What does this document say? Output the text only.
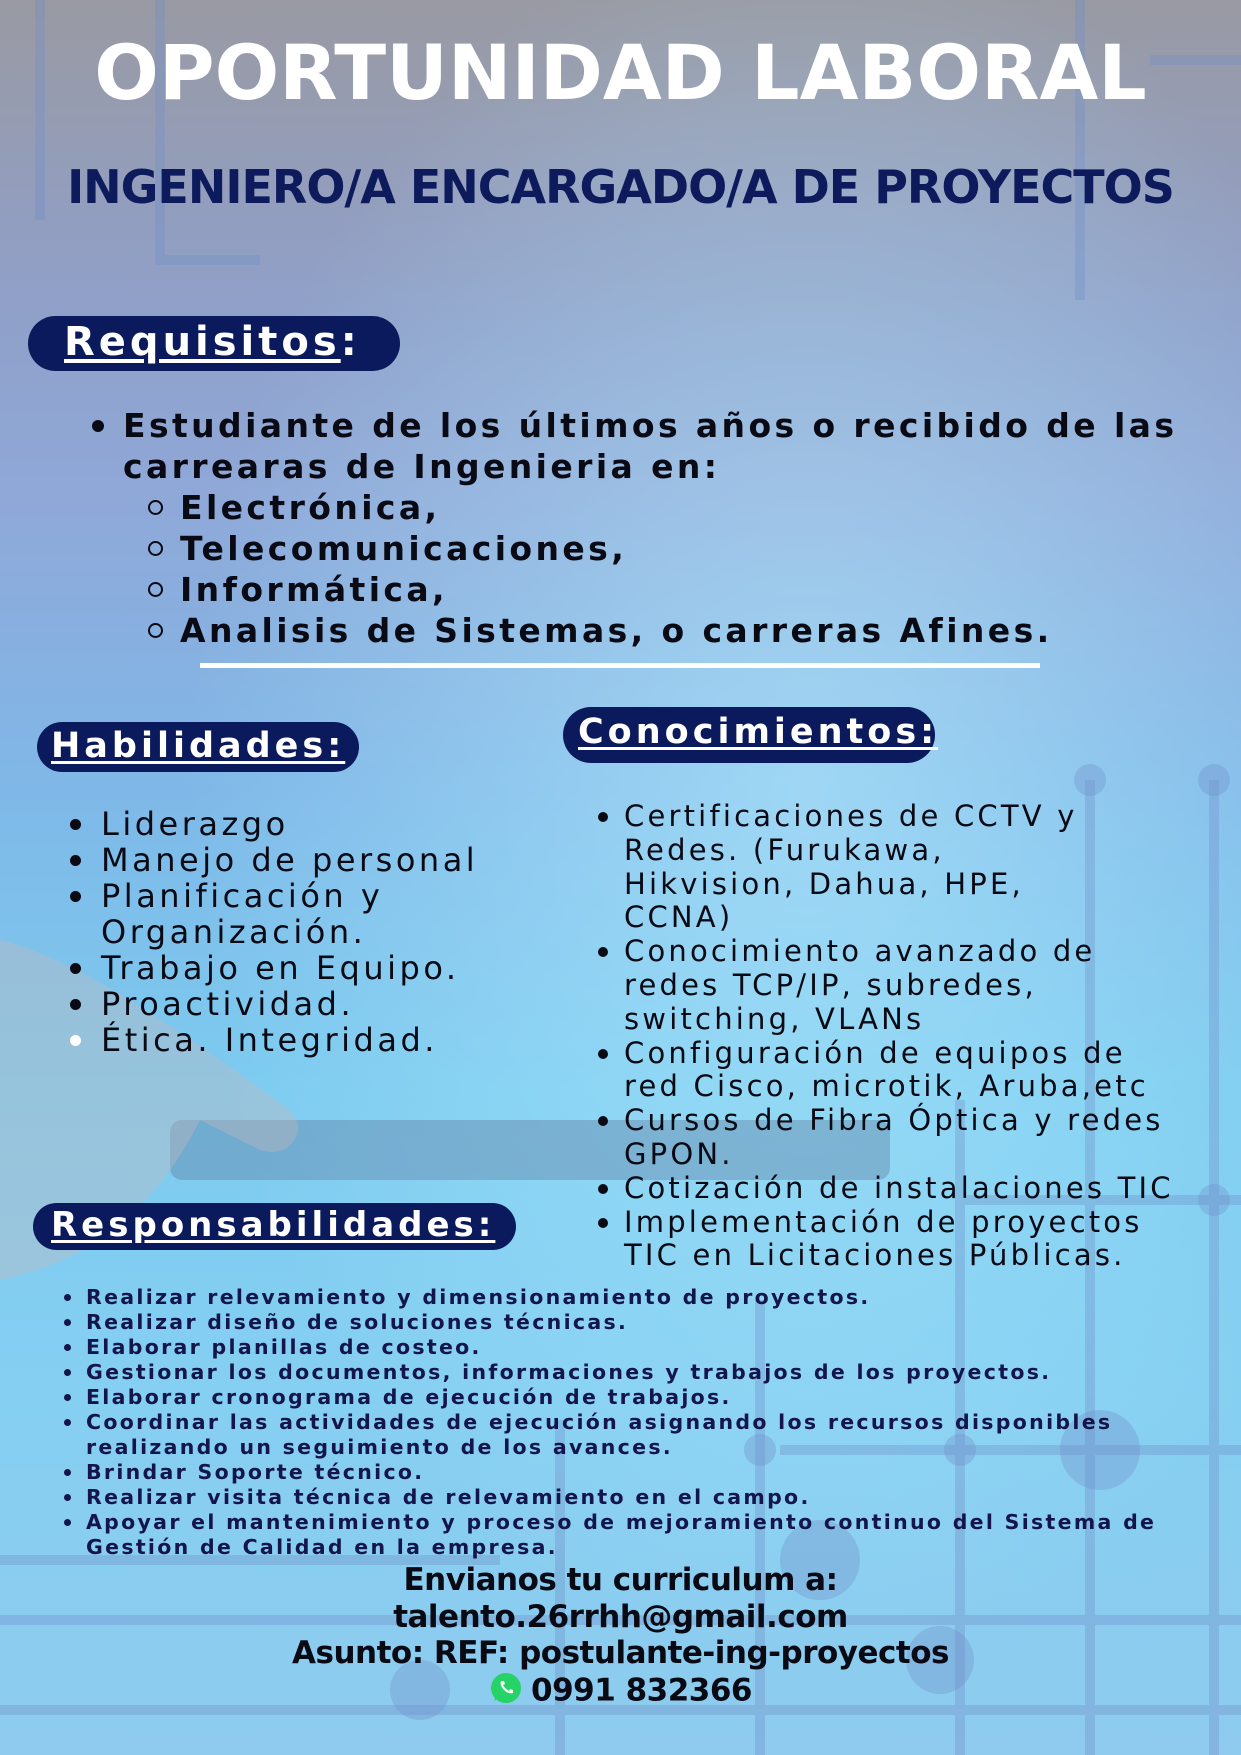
OPORTUNIDAD LABORAL
INGENIERO/A ENCARGADO/A DE PROYECTOS
Requisitos:
Estudiante de los últimos años o recibido de las carrearas de Ingenieria en:
Electrónica,
Telecomunicaciones,
Informática,
Analisis de Sistemas, o carreras Afines.
Habilidades:
Liderazgo
Manejo de personal
Planificación y Organización.
Trabajo en Equipo.
Proactividad.
Ética. Integridad.
Conocimientos:
Certificaciones de CCTV y Redes. (Furukawa, Hikvision, Dahua, HPE, CCNA)
Conocimiento avanzado de redes TCP/IP, subredes, switching, VLANs
Configuración de equipos de red Cisco, microtik, Aruba,etc
Cursos de Fibra Óptica y redes GPON.
Cotización de instalaciones TIC
Implementación de proyectos TIC en Licitaciones Públicas.
Responsabilidades:
Realizar relevamiento y dimensionamiento de proyectos.
Realizar diseño de soluciones técnicas.
Elaborar planillas de costeo.
Gestionar los documentos, informaciones y trabajos de los proyectos.
Elaborar cronograma de ejecución de trabajos.
Coordinar las actividades de ejecución asignando los recursos disponibles realizando un seguimiento de los avances.
Brindar Soporte técnico.
Realizar visita técnica de relevamiento en el campo.
Apoyar el mantenimiento y proceso de mejoramiento continuo del Sistema de Gestión de Calidad en la empresa.
Envianos tu curriculum a:
talento.26rrhh@gmail.com
Asunto: REF: postulante-ing-proyectos
0991 832366
